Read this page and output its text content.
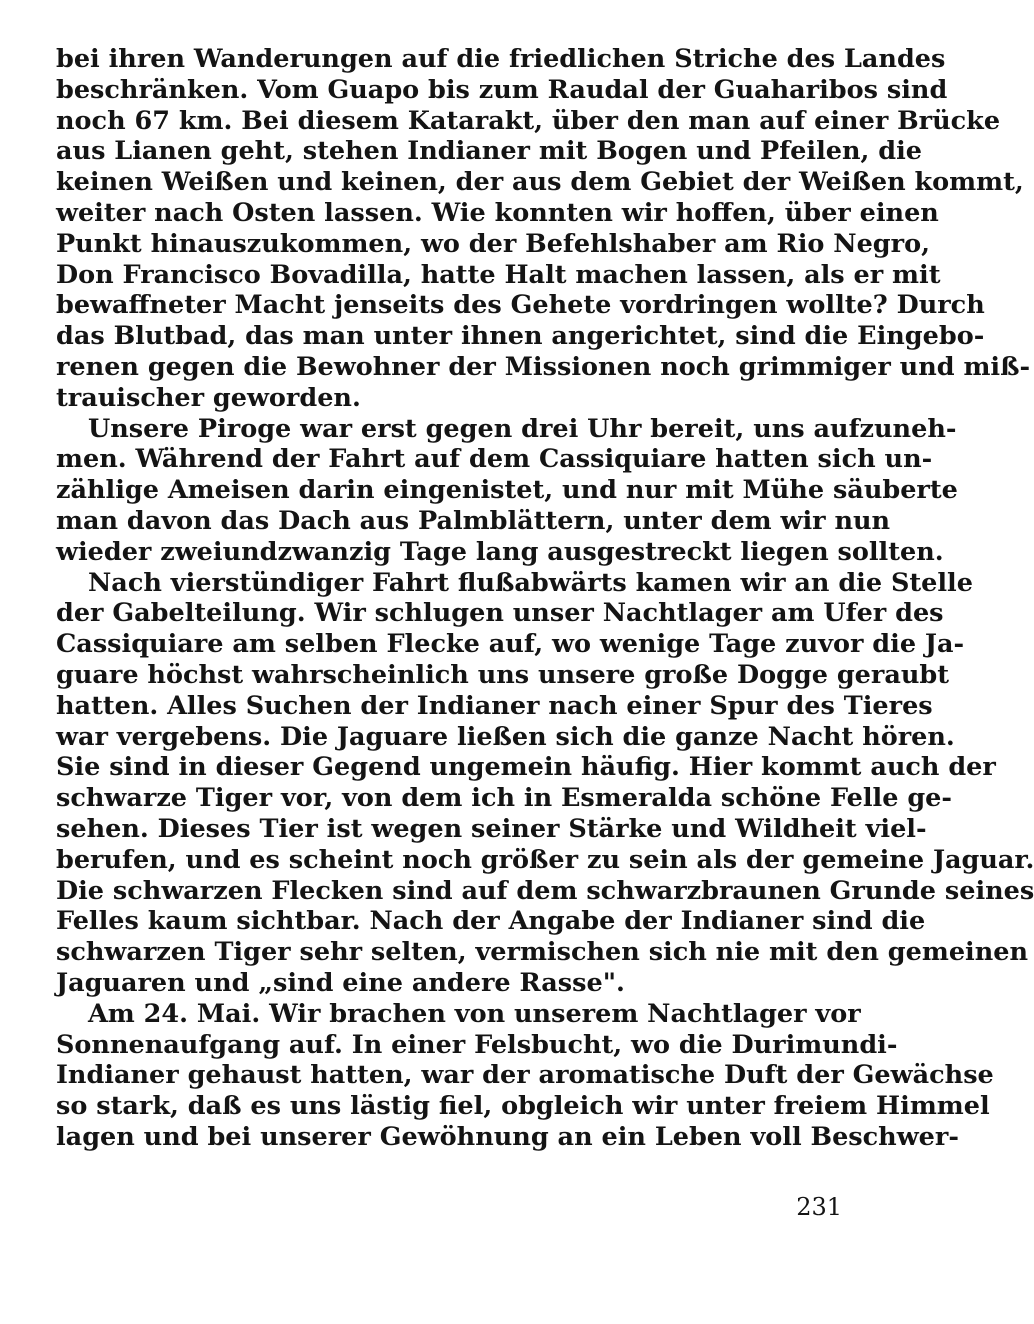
bei ihren Wanderungen auf die friedlichen Striche des Landes
beschränken. Vom Guapo bis zum Raudal der Guaharibos sind
noch 67 km. Bei diesem Katarakt, über den man auf einer Brücke
aus Lianen geht, stehen Indianer mit Bogen und Pfeilen, die
keinen Weißen und keinen, der aus dem Gebiet der Weißen kommt,
weiter nach Osten lassen. Wie konnten wir hoffen, über einen
Punkt hinauszukommen, wo der Befehlshaber am Rio Negro,
Don Francisco Bovadilla, hatte Halt machen lassen, als er mit
bewaffneter Macht jenseits des Gehete vordringen wollte? Durch
das Blutbad, das man unter ihnen angerichtet, sind die Eingebo-
renen gegen die Bewohner der Missionen noch grimmiger und miß-
trauischer geworden.
Unsere Piroge war erst gegen drei Uhr bereit, uns aufzuneh-
men. Während der Fahrt auf dem Cassiquiare hatten sich un-
zählige Ameisen darin eingenistet, und nur mit Mühe säuberte
man davon das Dach aus Palmblättern, unter dem wir nun
wieder zweiundzwanzig Tage lang ausgestreckt liegen sollten.
Nach vierstündiger Fahrt flußabwärts kamen wir an die Stelle
der Gabelteilung. Wir schlugen unser Nachtlager am Ufer des
Cassiquiare am selben Flecke auf, wo wenige Tage zuvor die Ja-
guare höchst wahrscheinlich uns unsere große Dogge geraubt
hatten. Alles Suchen der Indianer nach einer Spur des Tieres
war vergebens. Die Jaguare ließen sich die ganze Nacht hören.
Sie sind in dieser Gegend ungemein häufig. Hier kommt auch der
schwarze Tiger vor, von dem ich in Esmeralda schöne Felle ge-
sehen. Dieses Tier ist wegen seiner Stärke und Wildheit viel-
berufen, und es scheint noch größer zu sein als der gemeine Jaguar.
Die schwarzen Flecken sind auf dem schwarzbraunen Grunde seines
Felles kaum sichtbar. Nach der Angabe der Indianer sind die
schwarzen Tiger sehr selten, vermischen sich nie mit den gemeinen
Jaguaren und „sind eine andere Rasse".
Am 24. Mai. Wir brachen von unserem Nachtlager vor
Sonnenaufgang auf. In einer Felsbucht, wo die Durimundi-
Indianer gehaust hatten, war der aromatische Duft der Gewächse
so stark, daß es uns lästig fiel, obgleich wir unter freiem Himmel
lagen und bei unserer Gewöhnung an ein Leben voll Beschwer-
231
